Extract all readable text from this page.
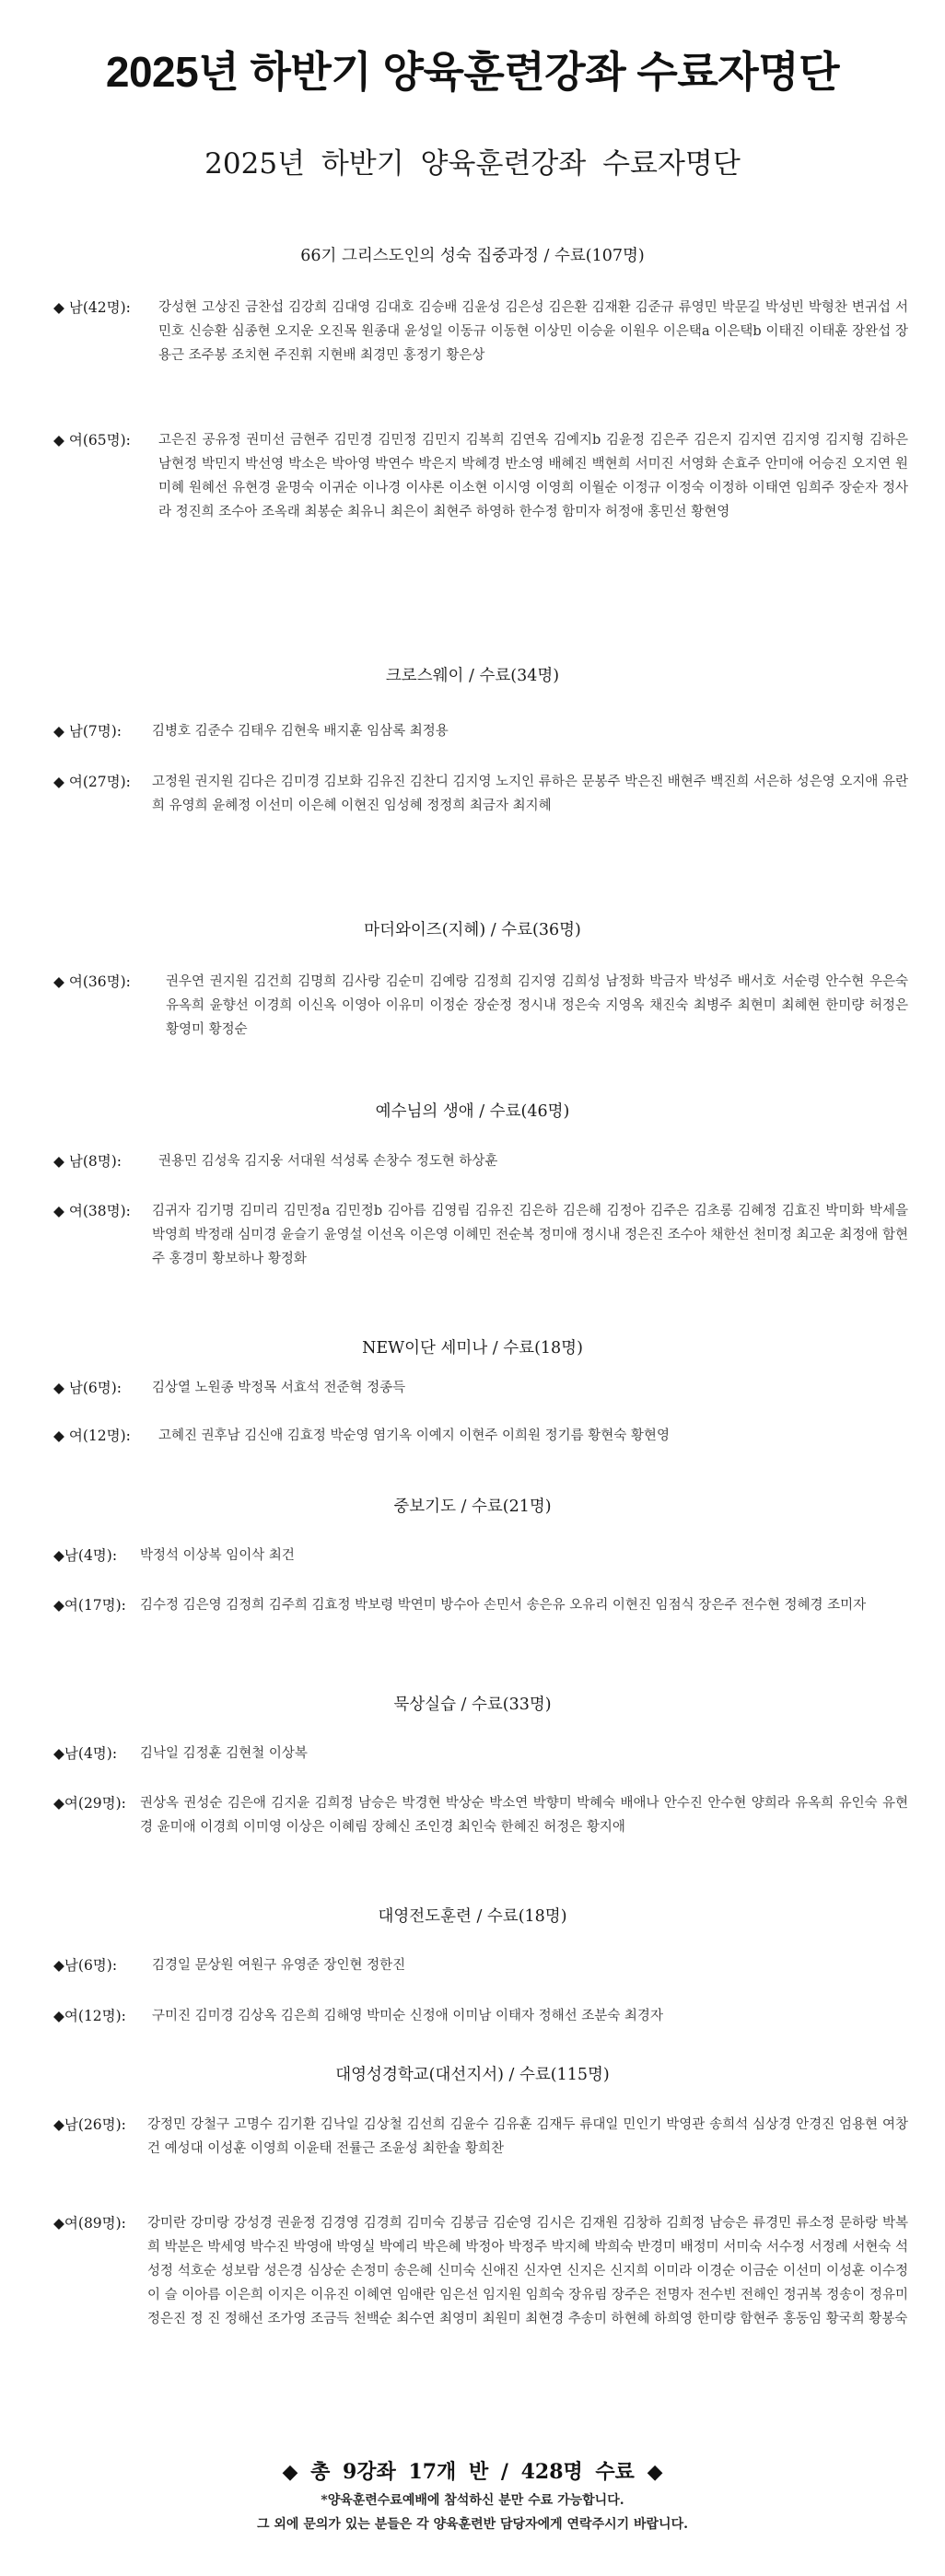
2025년 하반기 양육훈련강좌 수료자명단
2025년 하반기 양육훈련강좌 수료자명단
66기 그리스도인의 성숙 집중과정 / 수료(107명)
◆ 남(42명): 강성현 고상진 금찬섭 김강희 김대영 김대호 김승배 김윤성 김은성 김은환 김재환 김준규 류영민 박문길 박성빈 박형찬 변귀섭 서민호 신승환 심종현 오지운 오진목 원종대 윤성일 이동규 이동현 이상민 이승윤 이원우 이은택a 이은택b 이태진 이태훈 장완섭 장용근 조주봉 조치현 주진휘 지현배 최경민 홍정기 황은상
◆ 여(65명): 고은진 공유정 권미선 금현주 김민경 김민정 김민지 김복희 김연옥 김예지b 김윤정 김은주 김은지 김지연 김지영 김지형 김하은 남현정 박민지 박선영 박소은 박아영 박연수 박은지 박혜경 반소영 배혜진 백현희 서미진 서영화 손효주 안미애 어승진 오지연 원미혜 원혜선 유현경 윤명숙 이귀순 이나경 이샤론 이소현 이시영 이영희 이월순 이정규 이정숙 이정하 이태연 임희주 장순자 정사라 정진희 조수아 조옥래 최봉순 최유니 최은이 최현주 하영하 한수정 함미자 허정애 홍민선 황현영
크로스웨이 / 수료(34명)
◆ 남(7명): 김병호 김준수 김태우 김현욱 배지훈 임삼록 최정용
◆ 여(27명): 고정원 권지원 김다은 김미경 김보화 김유진 김찬디 김지영 노지인 류하은 문봉주 박은진 배현주 백진희 서은하 성은영 오지애 유란희 유영희 윤혜정 이선미 이은혜 이현진 임성혜 정정희 최금자 최지혜
마더와이즈(지혜) / 수료(36명)
◆ 여(36명):	권우연 권지원 김건희 김명희 김사랑 김순미 김예랑 김정희 김지영 김희성 남정화 박금자 박성주 배서호 서순령 안수현 우은숙 유옥희 윤향선 이경희 이신옥 이영아 이유미 이정순 장순정 정시내 정은숙 지영옥 채진숙 최병주 최현미 최혜현 한미량 허정은 황영미 황정순
예수님의 생애 / 수료(46명)
◆ 남(8명):	권용민 김성욱 김지웅 서대원 석성록 손창수 정도현 하상훈
◆ 여(38명): 김귀자 김기명 김미리 김민정a 김민정b 김아름 김영림 김유진 김은하 김은해 김정아 김주은 김초롱 김혜정 김효진 박미화 박세을 박영희 박정래 심미경 윤슬기 윤영설 이선옥 이은영 이혜민 전순복 정미애 정시내 정은진 조수아 채한선 천미정 최고운 최정애 함현주 홍경미 황보하나 황정화
NEW이단 세미나 / 수료(18명)
◆ 남(6명): 김상열 노원종 박정목 서효석 전준혁 정종득
◆ 여(12명): 고혜진 권후남 김신애 김효정 박순영 염기옥 이예지 이현주 이희원 정기름 황현숙 황현영
중보기도 / 수료(21명)
◆남(4명): 박정석 이상복 임이삭 최건
◆여(17명): 김수정 김은영 김정희 김주희 김효정 박보령 박연미 방수아 손민서 송은유 오유리 이현진 임점식 장은주 전수현 정혜경 조미자
묵상실습 / 수료(33명)
◆남(4명): 김낙일 김정훈 김현철 이상복
◆여(29명): 권상옥 권성순 김은애 김지윤 김희정 남승은 박경현 박상순 박소연 박향미 박혜숙 배애나 안수진 안수현 양희라 유옥희 유인숙 유현경 윤미애 이경희 이미영 이상은 이혜림 장혜신 조인경 최인숙 한혜진 허정은 황지애
대영전도훈련 / 수료(18명)
◆남(6명):	김경일 문상원 여원구 유영준 장인현 정한진
◆여(12명): 구미진 김미경 김상옥 김은희 김해영 박미순 신정애 이미남 이태자 정해선 조분숙 최경자
대영성경학교(대선지서) / 수료(115명)
◆남(26명): 강정민 강철구 고명수 김기환 김낙일 김상철 김선희 김윤수 김유훈 김재두 류대일 민인기 박영관 송희석 심상경 안경진 엄용현 여창건 예성대 이성훈 이영희 이윤태 전률근 조윤성 최한솔 황희찬
◆여(89명): 강미란 강미랑 강성경 권윤정 김경영 김경희 김미숙 김봉금 김순영 김시은 김재원 김창하 김희정 남승은 류경민 류소정 문하랑 박복희 박분은 박세영 박수진 박영애 박영실 박예리 박은혜 박정아 박정주 박지혜 박희숙 반경미 배정미 서미숙 서수정 서정례 서현숙 석성정 석호순 성보람 성은경 심상순 손정미 송은혜 신미숙 신애진 신자연 신지은 신지희 이미라 이경순 이금순 이선미 이성훈 이수정 이 슬 이아름 이은희 이지은 이유진 이혜연 임애란 임은선 임지원 임희숙 장유림 장주은 전명자 전수빈 전해인 정귀복 정송이 정유미 정은진 정 진 정해선 조가영 조금득 천백순 최수연 최영미 최원미 최현경 추송미 하현혜 하희영 한미량 함현주 홍동임 황국희 황봉숙
◆ 총 9강좌 17개 반 / 428명 수료 ◆
*양육훈련수료예배에 참석하신 분만 수료 가능합니다.
그 외에 문의가 있는 분들은 각 양육훈련반 담당자에게 연락주시기 바랍니다.
